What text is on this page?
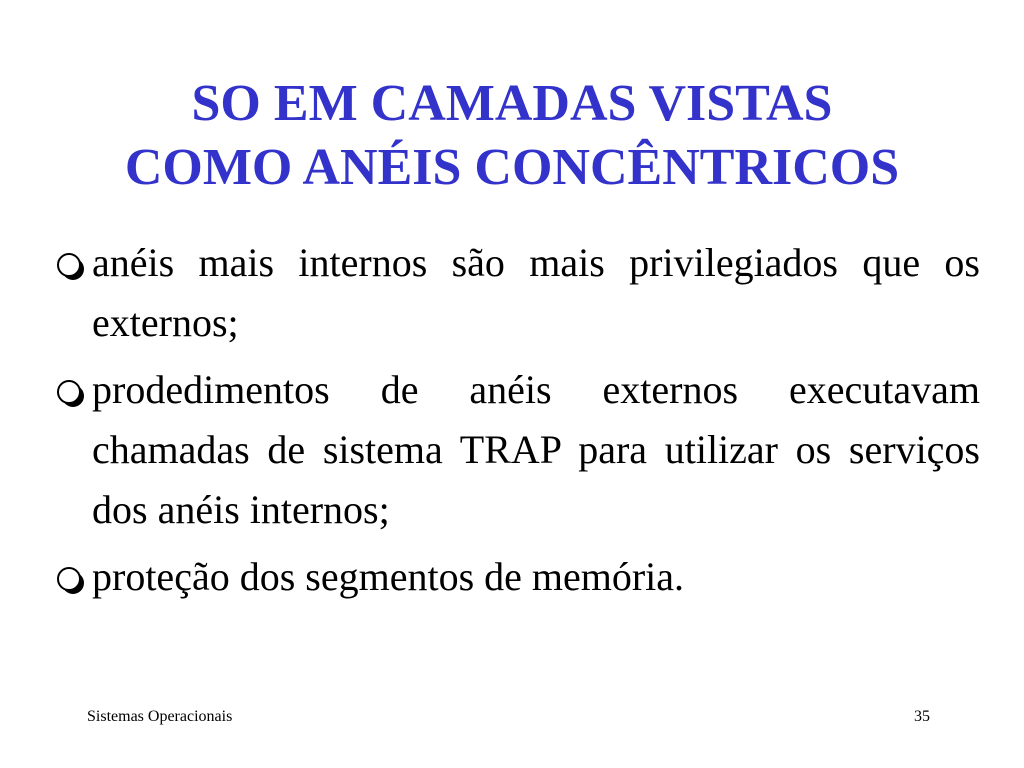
SO EM CAMADAS VISTAS
COMO ANÉIS CONCÊNTRICOS
anéis mais internos são mais privilegiados que os externos;
prodedimentos de anéis externos executavam chamadas de sistema TRAP para utilizar os serviços dos anéis internos;
proteção dos segmentos de memória.
Sistemas Operacionais	35
